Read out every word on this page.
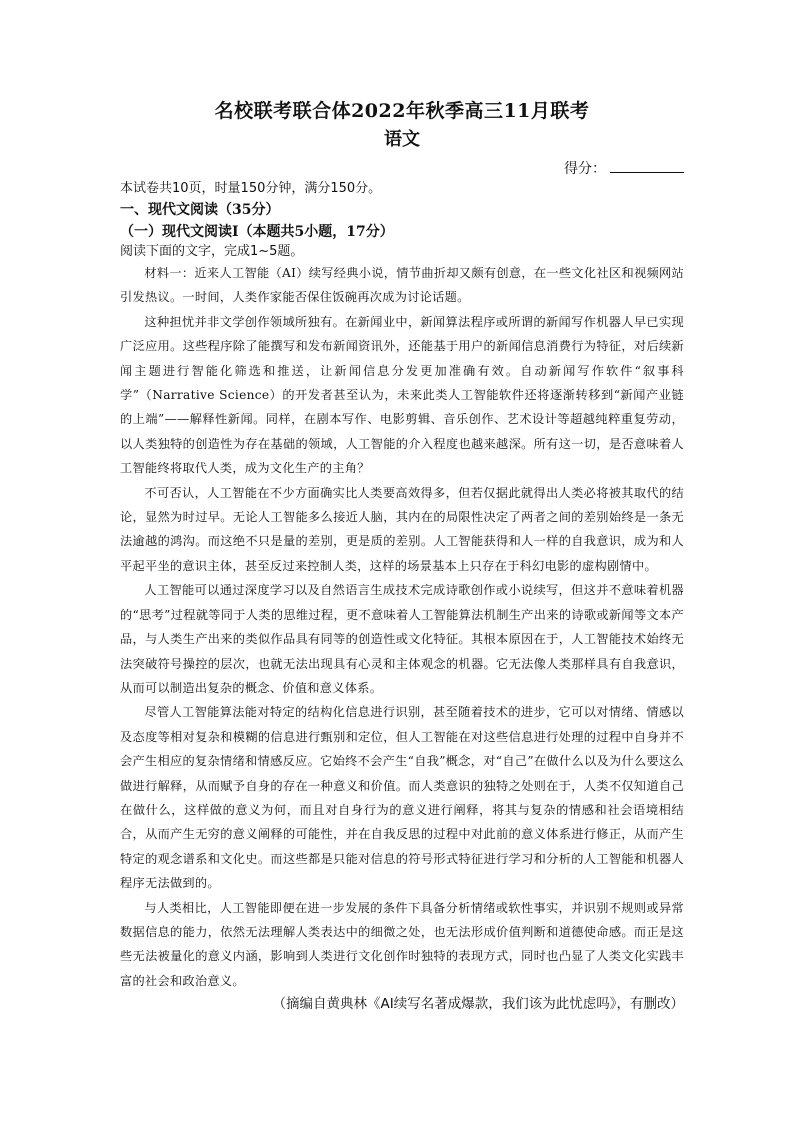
名校联考联合体2022年秋季高三11月联考
语文
得分：

本试卷共10页，时量150分钟，满分150分。

一、现代文阅读（35分）

（一）现代文阅读Ⅰ（本题共5小题，17分）

阅读下面的文字，完成1~5题。

材料一：近来人工智能（AI）续写经典小说，情节曲折却又颇有创意，在一些文化社区和视频网站引发热议。一时间，人类作家能否保住饭碗再次成为讨论话题。

这种担忧并非文学创作领域所独有。在新闻业中，新闻算法程序或所谓的新闻写作机器人早已实现广泛应用。这些程序除了能撰写和发布新闻资讯外，还能基于用户的新闻信息消费行为特征，对后续新闻主题进行智能化筛选和推送，让新闻信息分发更加准确有效。自动新闻写作软件“叙事科学”（Narrative Science）的开发者甚至认为，未来此类人工智能软件还将逐渐转移到“新闻产业链的上端”——解释性新闻。同样，在剧本写作、电影剪辑、音乐创作、艺术设计等超越纯粹重复劳动，以人类独特的创造性为存在基础的领域，人工智能的介入程度也越来越深。所有这一切，是否意味着人工智能终将取代人类，成为文化生产的主角？

不可否认，人工智能在不少方面确实比人类要高效得多，但若仅据此就得出人类必将被其取代的结论，显然为时过早。无论人工智能多么接近人脑，其内在的局限性决定了两者之间的差别始终是一条无法逾越的鸿沟。而这绝不只是量的差别，更是质的差别。人工智能获得和人一样的自我意识，成为和人平起平坐的意识主体，甚至反过来控制人类，这样的场景基本上只存在于科幻电影的虚构剧情中。

人工智能可以通过深度学习以及自然语言生成技术完成诗歌创作或小说续写，但这并不意味着机器的“思考”过程就等同于人类的思维过程，更不意味着人工智能算法机制生产出来的诗歌或新闻等文本产品，与人类生产出来的类似作品具有同等的创造性或文化特征。其根本原因在于，人工智能技术始终无法突破符号操控的层次，也就无法出现具有心灵和主体观念的机器。它无法像人类那样具有自我意识，从而可以制造出复杂的概念、价值和意义体系。

尽管人工智能算法能对特定的结构化信息进行识别，甚至随着技术的进步，它可以对情绪、情感以及态度等相对复杂和模糊的信息进行甄别和定位，但人工智能在对这些信息进行处理的过程中自身并不会产生相应的复杂情绪和情感反应。它始终不会产生“自我”概念，对“自己”在做什么以及为什么要这么做进行解释，从而赋予自身的存在一种意义和价值。而人类意识的独特之处则在于，人类不仅知道自己在做什么，这样做的意义为何，而且对自身行为的意义进行阐释，将其与复杂的情感和社会语境相结合，从而产生无穷的意义阐释的可能性，并在自我反思的过程中对此前的意义体系进行修正，从而产生特定的观念谱系和文化史。而这些都是只能对信息的符号形式特征进行学习和分析的人工智能和机器人程序无法做到的。

与人类相比，人工智能即便在进一步发展的条件下具备分析情绪或软性事实，并识别不规则或异常数据信息的能力，依然无法理解人类表达中的细微之处，也无法形成价值判断和道德使命感。而正是这些无法被量化的意义内涵，影响到人类进行文化创作时独特的表现方式，同时也凸显了人类文化实践丰富的社会和政治意义。

（摘编自黄典林《AI续写名著成爆款，我们该为此忧虑吗》，有删改）
